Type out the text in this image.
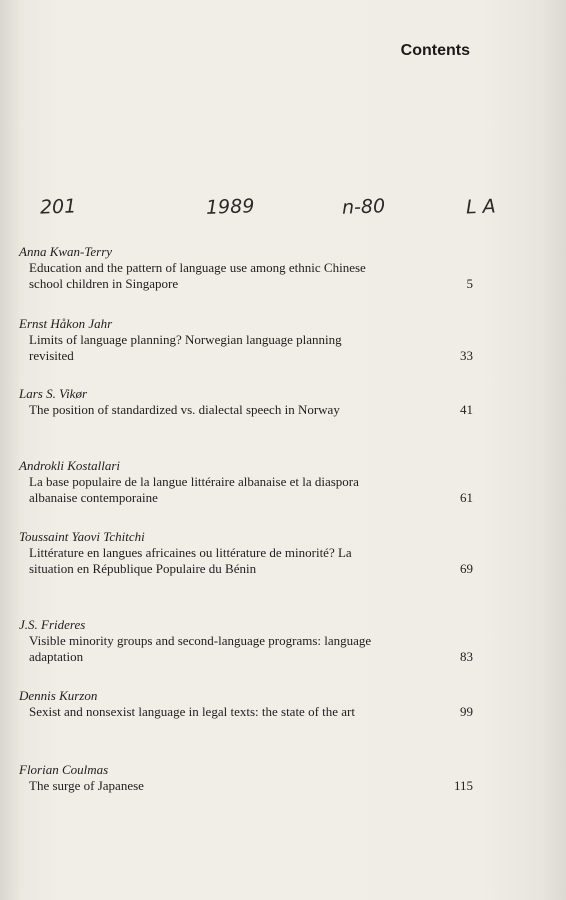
Contents
201	1989	n-80	L A
Anna Kwan-Terry
Education and the pattern of language use among ethnic Chinese school children in Singapore	5
Ernst Håkon Jahr
Limits of language planning? Norwegian language planning revisited	33
Lars S. Vikør
The position of standardized vs. dialectal speech in Norway	41
Androkli Kostallari
La base populaire de la langue littéraire albanaise et la diaspora albanaise contemporaine	61
Toussaint Yaovi Tchitchi
Littérature en langues africaines ou littérature de minorité? La situation en République Populaire du Bénin	69
J.S. Frideres
Visible minority groups and second-language programs: language adaptation	83
Dennis Kurzon
Sexist and nonsexist language in legal texts: the state of the art	99
Florian Coulmas
The surge of Japanese	115
